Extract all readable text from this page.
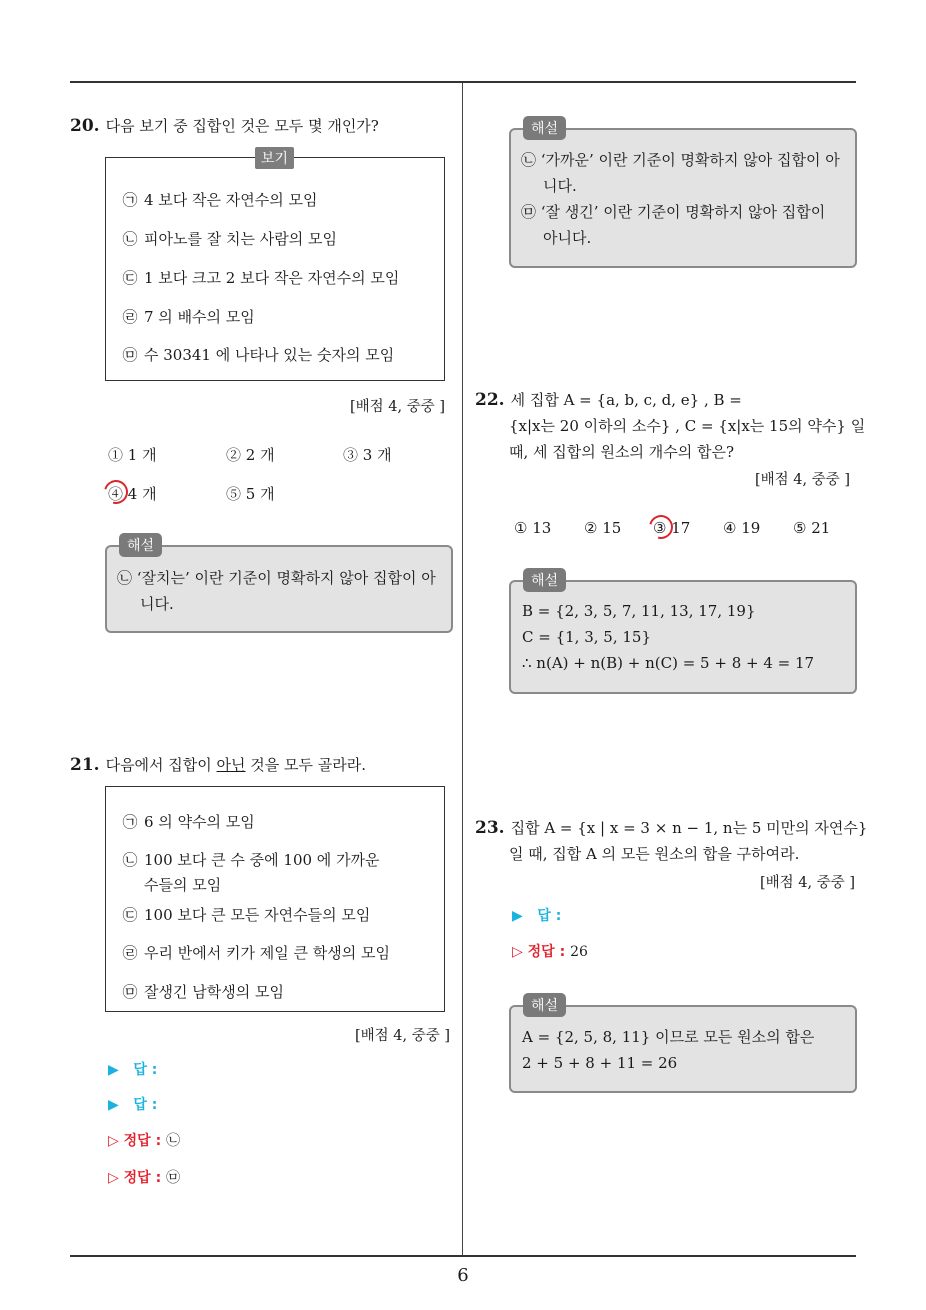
6
20. 다음 보기 중 집합인 것은 모두 몇 개인가?
보기
㉠ 4 보다 작은 자연수의 모임
㉡ 피아노를 잘 치는 사람의 모임
㉢ 1 보다 크고 2 보다 작은 자연수의 모임
㉣ 7 의 배수의 모임
㉤ 수 30341 에 나타나 있는 숫자의 모임
[배점 4, 중중 ]
① 1 개	② 2 개	③ 3 개
④ 4 개	⑤ 5 개
해설
㉡ ‘잘치는’ 이란 기준이 명확하지 않아 집합이 아
니다.
21. 다음에서 집합이 아닌 것을 모두 골라라.
㉠ 6 의 약수의 모임
㉡ 100 보다 큰 수 중에 100 에 가까운
수들의 모임
㉢ 100 보다 큰 모든 자연수들의 모임
㉣ 우리 반에서 키가 제일 큰 학생의 모임
㉤ 잘생긴 남학생의 모임
[배점 4, 중중 ]
▶ 답 :
▶ 답 :
▷ 정답 : ㉡
▷ 정답 : ㉤
해설
㉡ ‘가까운’ 이란 기준이 명확하지 않아 집합이 아
니다.
㉤ ‘잘 생긴’ 이란 기준이 명확하지 않아 집합이
아니다.
22. 세 집합 A = {a, b, c, d, e} , B =
{x|x는 20 이하의 소수} , C = {x|x는 15의 약수} 일
때, 세 집합의 원소의 개수의 합은?
[배점 4, 중중 ]
① 13 ② 15 ③ 17 ④ 19 ⑤ 21
해설
B = {2, 3, 5, 7, 11, 13, 17, 19}
C = {1, 3, 5, 15}
∴ n(A) + n(B) + n(C) = 5 + 8 + 4 = 17
23. 집합 A = {x | x = 3 × n − 1, n는 5 미만의 자연수}
일 때, 집합 A 의 모든 원소의 합을 구하여라.
[배점 4, 중중 ]
▶ 답 :
▷ 정답 : 26
해설
A = {2, 5, 8, 11} 이므로 모든 원소의 합은
2 + 5 + 8 + 11 = 26
